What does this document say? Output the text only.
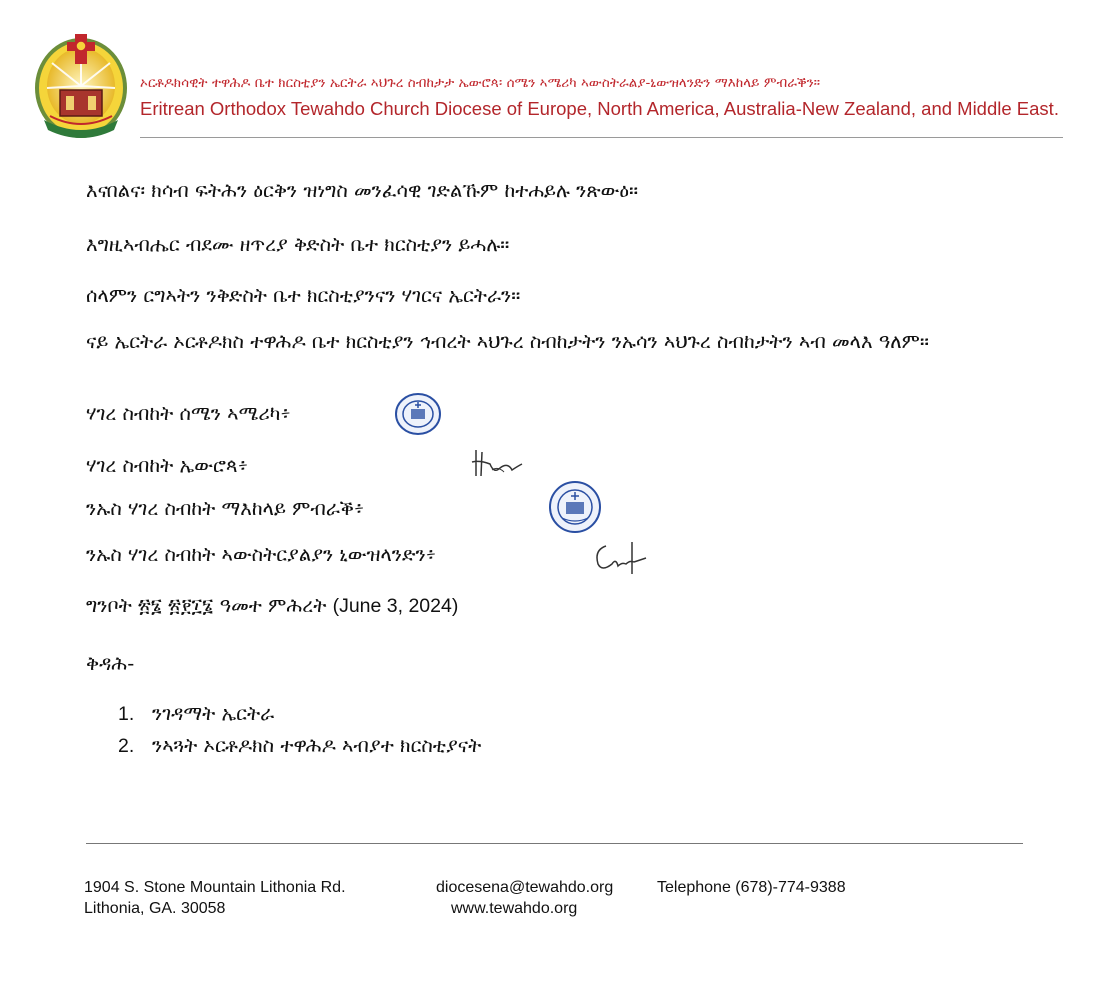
ኦርቶዶክሳዊት ተዋሕዶ ቤተ ክርስቲያን ኤርትራ ኣህጉረ ስብከታታ ኤውሮጳ፡ ሰሜን ኣሜሪካ ኣውስትራልያ-ኒውዝላንድን ማእከላይ ምብራቕን።
Eritrean Orthodox Tewahdo Church Diocese of Europe, North America, Australia-New Zealand, and Middle East.
እናበልና፡ ክሳብ ፍትሕን ዕርቅን ዝነግስ መንፈሳዊ ገድልኹም ከተሐይሉ ንጽውዕ።
እግዚኣብሔር ብደሙ ዘጥረያ ቅድስት ቤተ ክርስቲያን ይሓሉ።
ሰላምን ርግኣትን ንቅድስት ቤተ ክርስቲያንናን ሃገርና ኤርትራን።
ናይ ኤርትራ ኦርቶዶክስ ተዋሕዶ ቤተ ክርስቲያን ኅብረት ኣህጉረ ስብከታትን ንኡሳን ኣህጉረ ስብከታትን ኣብ መላእ ዓለም።
ሃገረ ስብከት ሰሜን ኣሜሪካ፥
ሃገረ ስብከት ኤውሮጳ፥
ንኡስ ሃገረ ስብከት ማእከላይ ምብራቕ፥
ንኡስ ሃገረ ስብከት ኣውስትርያልያን ኒውዝላንድን፥
ግንቦት ፳፮ ፳፻፲፮ ዓመተ ምሕረት (June 3, 2024)
ቅዳሕ-
1. ንገዳማት ኤርትራ
2. ንኣጓት ኦርቶዶክስ ተዋሕዶ ኣብያተ ክርስቲያናት
1904 S. Stone Mountain Lithonia Rd.
Lithonia, GA. 30058
diocesena@tewahdo.org
www.tewahdo.org
Telephone (678)-774-9388
